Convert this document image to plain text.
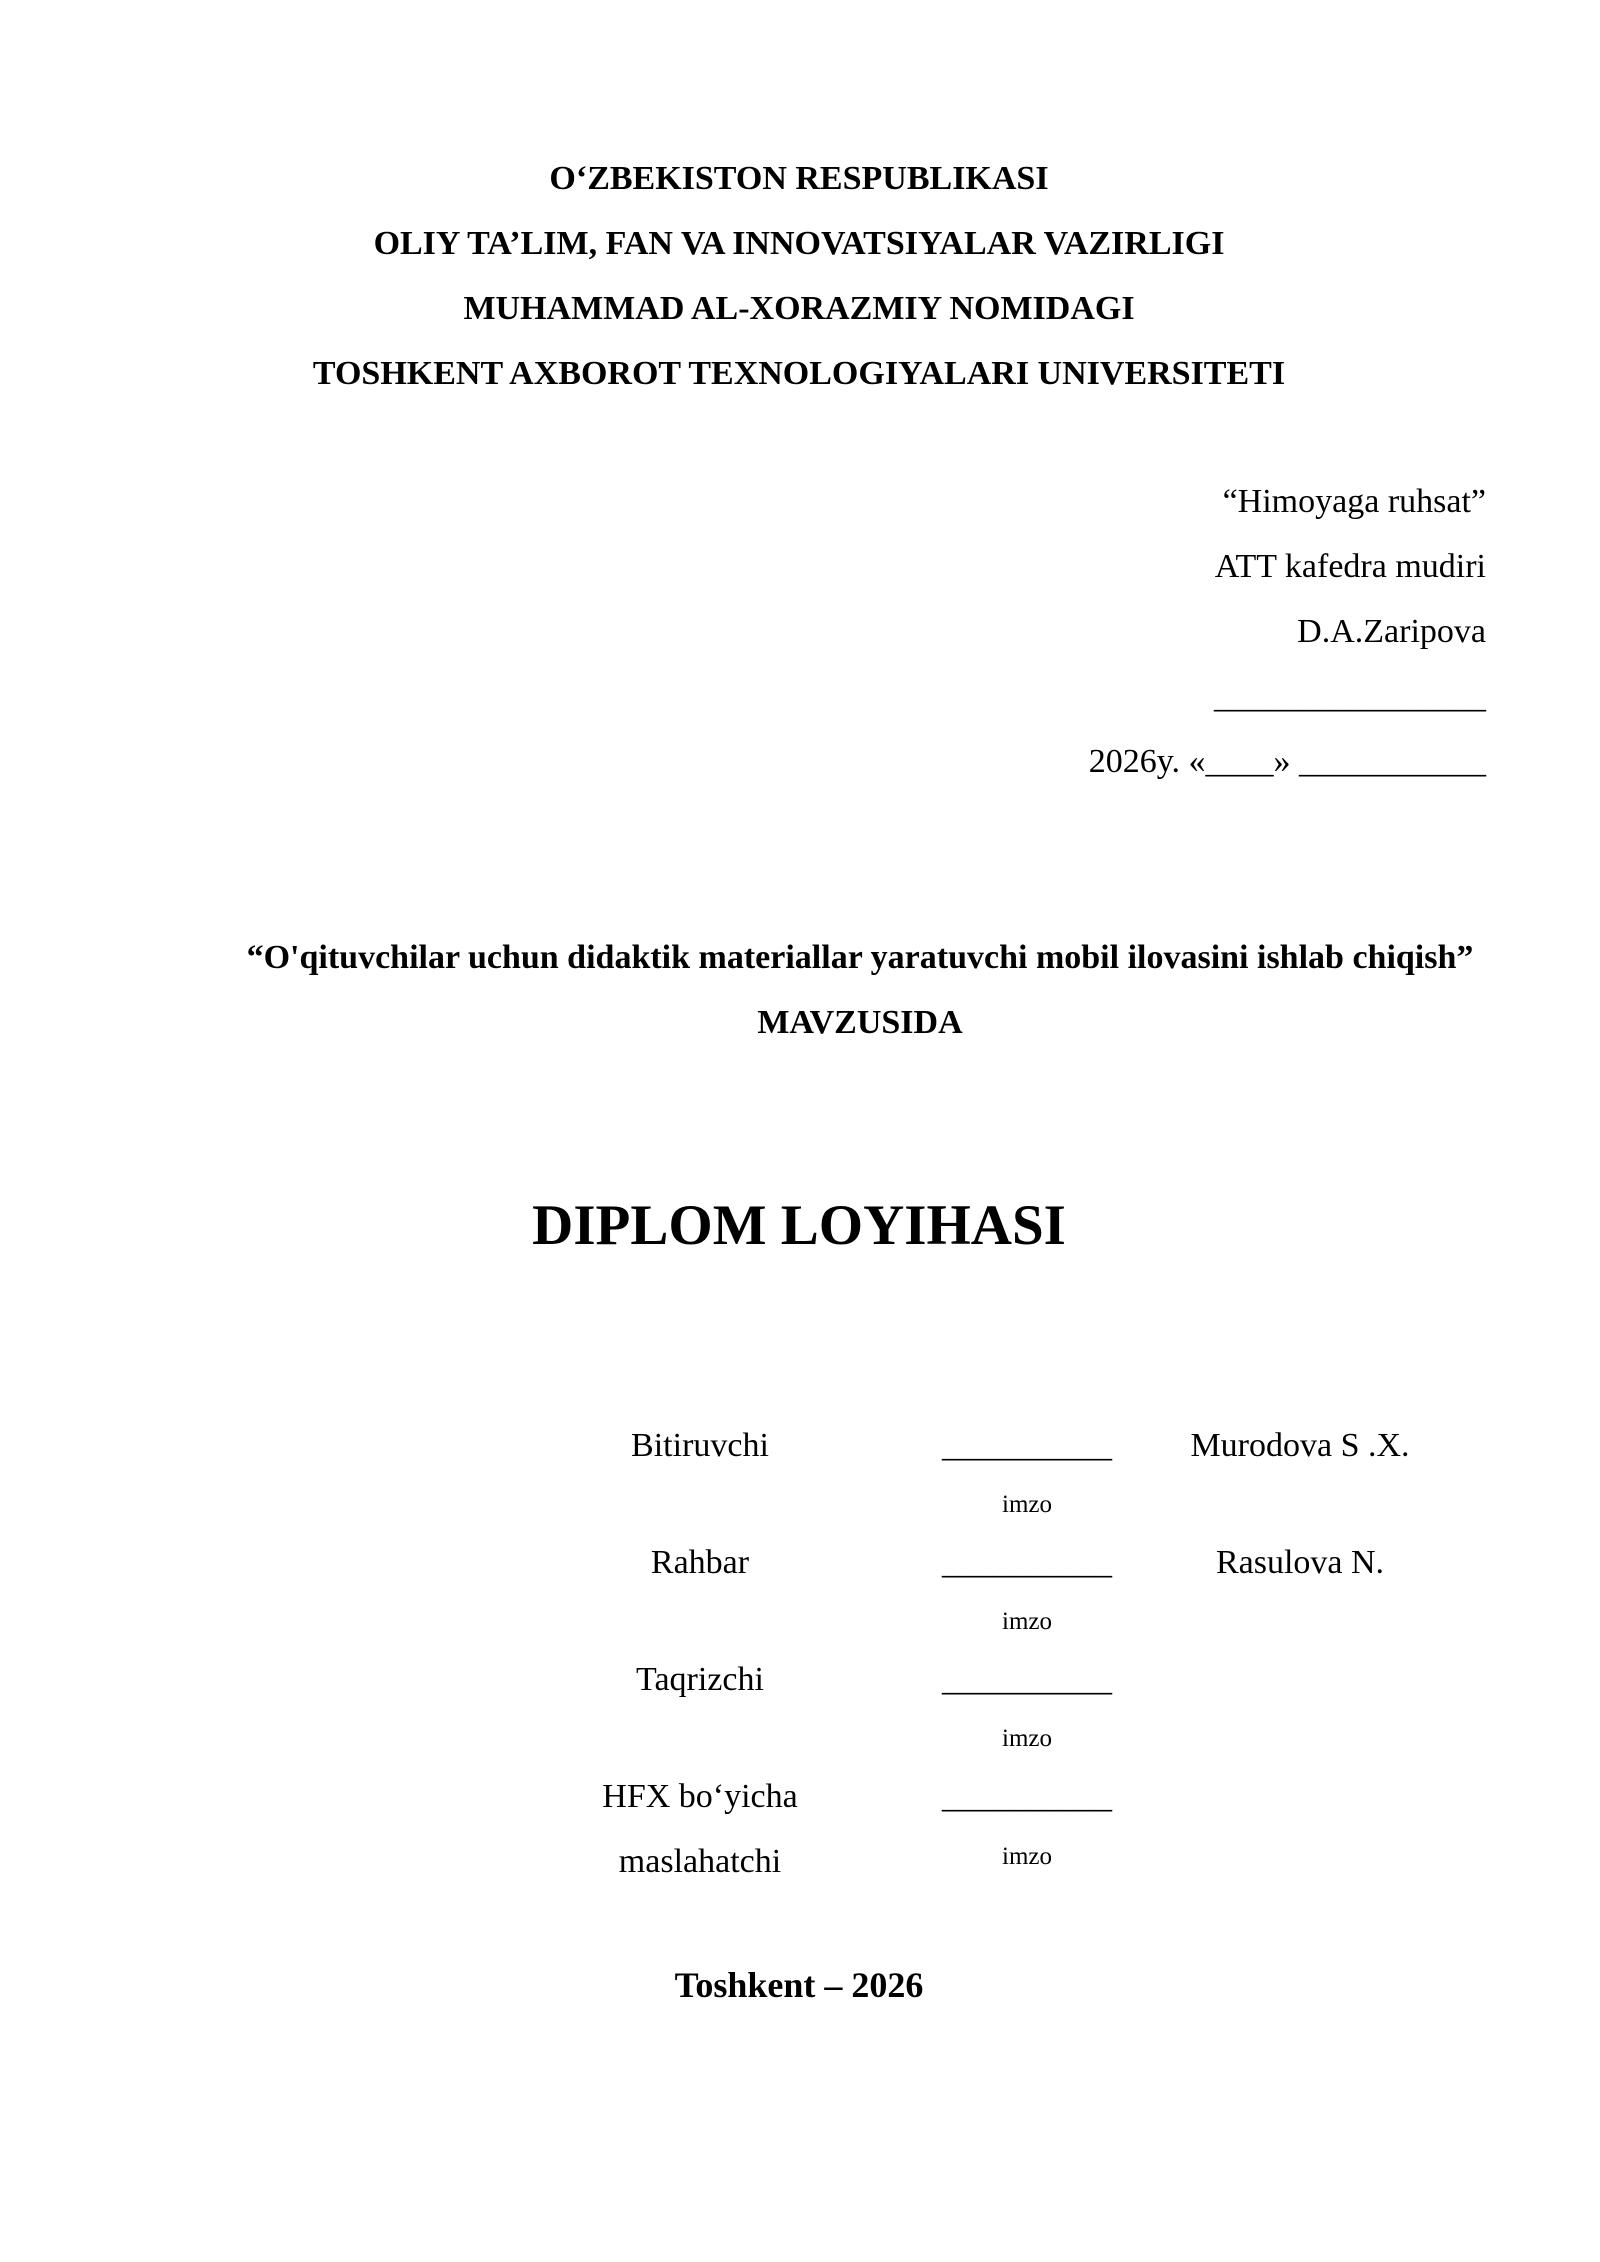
O‘ZBEKISTON RESPUBLIKASI
OLIY TA’LIM, FAN VA INNOVATSIYALAR VAZIRLIGI
MUHAMMAD AL-XORAZMIY NOMIDAGI
TOSHKENT AXBOROT TEXNOLOGIYALARI UNIVERSITETI
“Himoyaga ruhsat”
ATT kafedra mudiri
D.A.Zaripova
________________
2026y. «____» ___________
“O'qituvchilar uchun didaktik materiallar yaratuvchi mobil ilovasini ishlab chiqish”
MAVZUSIDA
DIPLOM LOYIHASI
Bitiruvchi	__________	Murodova S .X.
imzo
Rahbar	__________	Rasulova N.
imzo
Taqrizchi	__________
imzo
HFX bo‘yicha
maslahatchi
__________
imzo
Toshkent – 2026
